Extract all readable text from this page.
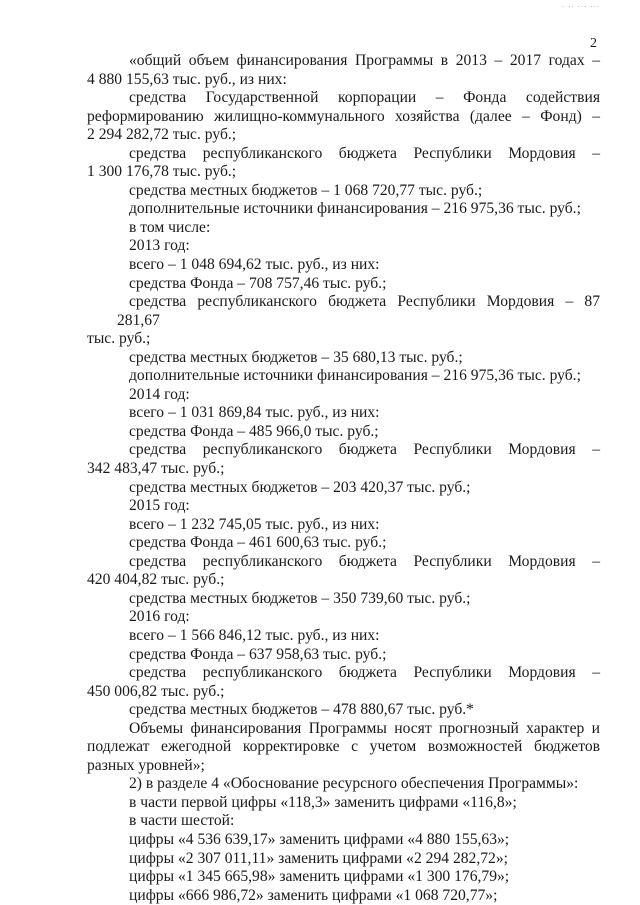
· ·· ··· ···
2

«общий объем финансирования Программы в 2013 – 2017 годах –

4 880 155,63 тыс. руб., из них:

средства Государственной корпорации – Фонда содействия

реформированию жилищно-коммунального хозяйства (далее – Фонд) –

2 294 282,72 тыс. руб.;

средства республиканского бюджета Республики Мордовия –

1 300 176,78 тыс. руб.;

средства местных бюджетов – 1 068 720,77 тыс. руб.;

дополнительные источники финансирования – 216 975,36 тыс. руб.;

в том числе:

2013 год:

всего – 1 048 694,62 тыс. руб., из них:

средства Фонда – 708 757,46 тыс. руб.;

средства республиканского бюджета Республики Мордовия – 87 281,67

тыс. руб.;

средства местных бюджетов – 35 680,13 тыс. руб.;

дополнительные источники финансирования – 216 975,36 тыс. руб.;

2014 год:

всего – 1 031 869,84 тыс. руб., из них:

средства Фонда – 485 966,0 тыс. руб.;

средства республиканского бюджета Республики Мордовия –

342 483,47 тыс. руб.;

средства местных бюджетов – 203 420,37 тыс. руб.;

2015 год:

всего – 1 232 745,05 тыс. руб., из них:

средства Фонда – 461 600,63 тыс. руб.;

средства республиканского бюджета Республики Мордовия –

420 404,82 тыс. руб.;

средства местных бюджетов – 350 739,60 тыс. руб.;

2016 год:

всего – 1 566 846,12 тыс. руб., из них:

средства Фонда – 637 958,63 тыс. руб.;

средства республиканского бюджета Республики Мордовия –

450 006,82 тыс. руб.;

средства местных бюджетов – 478 880,67 тыс. руб.*

Объемы финансирования Программы носят прогнозный характер и

подлежат ежегодной корректировке с учетом возможностей бюджетов

разных уровней»;

2) в разделе 4 «Обоснование ресурсного обеспечения Программы»:

в части первой цифры «118,3» заменить цифрами «116,8»;

в части шестой:

цифры «4 536 639,17» заменить цифрами «4 880 155,63»;

цифры «2 307 011,11» заменить цифрами «2 294 282,72»;

цифры «1 345 665,98» заменить цифрами «1 300 176,79»;

цифры «666 986,72» заменить цифрами «1 068 720,77»;
